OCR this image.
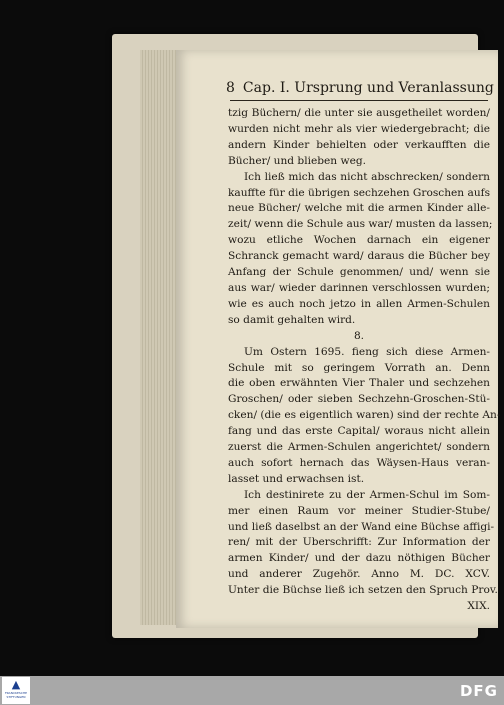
8 Cap. I. Ursprung und Veranlassung
tzig Büchern/ die unter sie ausgetheilet worden/
wurden nicht mehr als vier wiedergebracht; die
andern Kinder behielten oder verkaufften die
Bücher/ und blieben weg.
Ich ließ mich das nicht abschrecken/ sondern
kauffte für die übrigen sechzehen Groschen aufs
neue Bücher/ welche mit die armen Kinder alle-
zeit/ wenn die Schule aus war/ musten da lassen;
wozu etliche Wochen darnach ein eigener
Schranck gemacht ward/ daraus die Bücher bey
Anfang der Schule genommen/ und/ wenn sie
aus war/ wieder darinnen verschlossen wurden;
wie es auch noch jetzo in allen Armen-Schulen
so damit gehalten wird.
8.
Um Ostern 1695. fieng sich diese Armen-
Schule mit so geringem Vorrath an. Denn
die oben erwähnten Vier Thaler und sechzehen
Groschen/ oder sieben Sechzehn-Groschen-Stü-
cken/ (die es eigentlich waren) sind der rechte An-
fang und das erste Capital/ woraus nicht allein
zuerst die Armen-Schulen angerichtet/ sondern
auch sofort hernach das Wäysen-Haus veran-
lasset und erwachsen ist.
Ich destinirete zu der Armen-Schul im Som-
mer einen Raum vor meiner Studier-Stube/
und ließ daselbst an der Wand eine Büchse affigi-
ren/ mit der Uberschrifft: Zur Information der
armen Kinder/ und der dazu nöthigen Bücher
und anderer Zugehör. Anno M. DC. XCV.
Unter die Büchse ließ ich setzen den Spruch Prov.
XIX.
▲
FRANCKESCHE STIFTUNGEN	DFG
